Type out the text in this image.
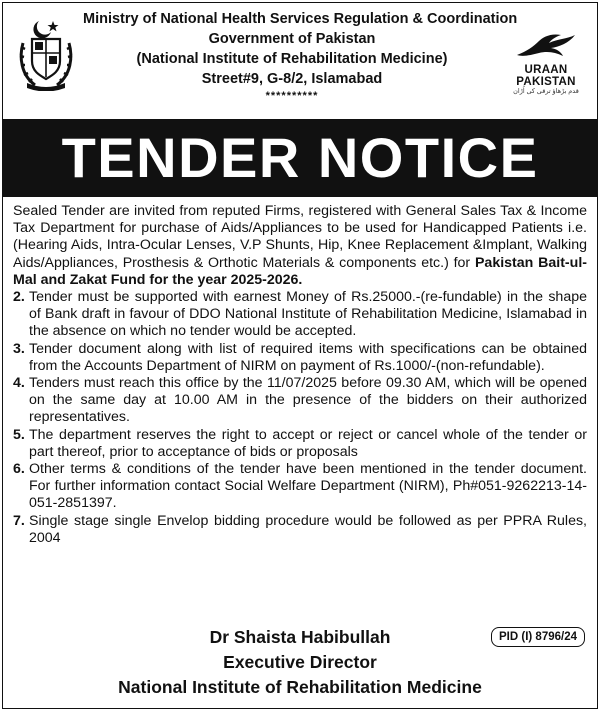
Ministry of National Health Services Regulation & Coordination
Government of Pakistan
(National Institute of Rehabilitation Medicine)
Street#9, G-8/2, Islamabad
**********
URAAN PAKISTAN
قدم بڑھاؤ ترقی کی اُڑان
TENDER NOTICE
Sealed Tender are invited from reputed Firms, registered with General Sales Tax & Income Tax Department for purchase of Aids/Appliances to be used for Handicapped Patients i.e.(Hearing Aids, Intra-Ocular Lenses, V.P Shunts, Hip, Knee Replacement &Implant, Walking Aids/Appliances, Prosthesis & Orthotic Materials & components etc.) for Pakistan Bait-ul-Mal and Zakat Fund for the year 2025-2026.
2. Tender must be supported with earnest Money of Rs.25000.-(re-fundable) in the shape of Bank draft in favour of DDO National Institute of Rehabilitation Medicine, Islamabad in the absence on which no tender would be accepted.
3. Tender document along with list of required items with specifications can be obtained from the Accounts Department of NIRM on payment of Rs.1000/-(non-refundable).
4. Tenders must reach this office by the 11/07/2025 before 09.30 AM, which will be opened on the same day at 10.00 AM in the presence of the bidders on their authorized representatives.
5. The department reserves the right to accept or reject or cancel whole of the tender or part thereof, prior to acceptance of bids or proposals
6. Other terms & conditions of the tender have been mentioned in the tender document. For further information contact Social Welfare Department (NIRM), Ph#051-9262213-14- 051-2851397.
7. Single stage single Envelop bidding procedure would be followed as per PPRA Rules, 2004
Dr Shaista Habibullah
Executive Director
National Institute of Rehabilitation Medicine
PID (I) 8796/24
